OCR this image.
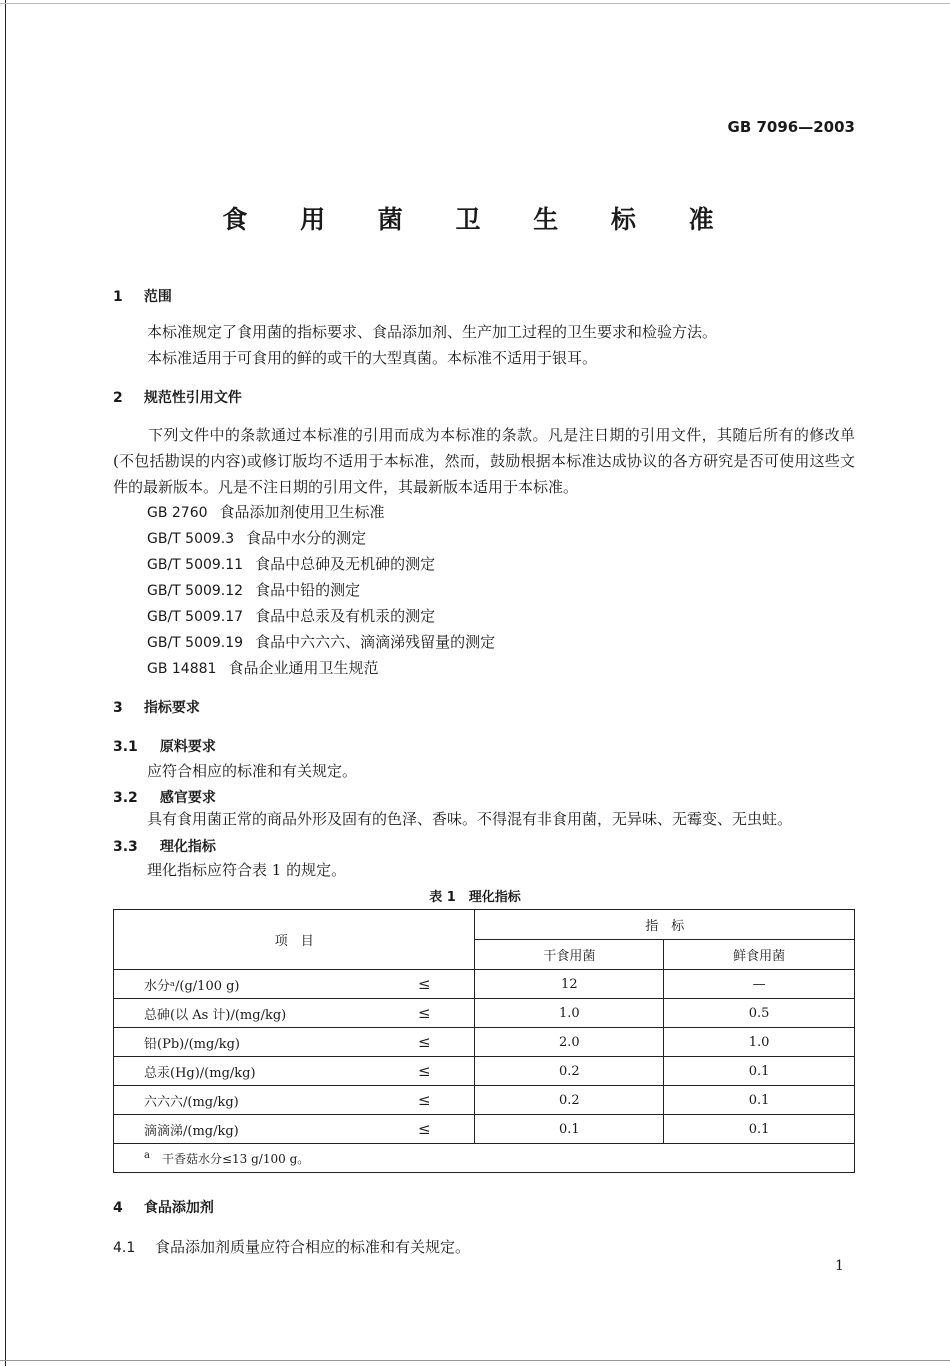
GB 7096—2003
食 用 菌 卫 生 标 准
1 范围
本标准规定了食用菌的指标要求、食品添加剂、生产加工过程的卫生要求和检验方法。
本标准适用于可食用的鲜的或干的大型真菌。本标准不适用于银耳。
2 规范性引用文件
下列文件中的条款通过本标准的引用而成为本标准的条款。凡是注日期的引用文件，其随后所有的修改单(不包括勘误的内容)或修订版均不适用于本标准，然而，鼓励根据本标准达成协议的各方研究是否可使用这些文件的最新版本。凡是不注日期的引用文件，其最新版本适用于本标准。
GB 2760 食品添加剂使用卫生标准
GB/T 5009.3 食品中水分的测定
GB/T 5009.11 食品中总砷及无机砷的测定
GB/T 5009.12 食品中铅的测定
GB/T 5009.17 食品中总汞及有机汞的测定
GB/T 5009.19 食品中六六六、滴滴涕残留量的测定
GB 14881 食品企业通用卫生规范
3 指标要求
3.1 原料要求
应符合相应的标准和有关规定。
3.2 感官要求
具有食用菌正常的商品外形及固有的色泽、香味。不得混有非食用菌，无异味、无霉变、无虫蛀。
3.3 理化指标
理化指标应符合表 1 的规定。
表 1　理化指标
项　目	指　标	
	干食用菌	鲜食用菌
水分ᵃ/(g/100 g) ≤	12	—
总砷(以 As 计)/(mg/kg) ≤	1.0	0.5
铅(Pb)/(mg/kg) ≤	2.0	1.0
总汞(Hg)/(mg/kg) ≤	0.2	0.1
六六六/(mg/kg) ≤	0.2	0.1
滴滴涕/(mg/kg) ≤	0.1	0.1
$^a$　 干香菇水分≤13 g/100 g。		
4 食品添加剂
4.1 食品添加剂质量应符合相应的标准和有关规定。
1
